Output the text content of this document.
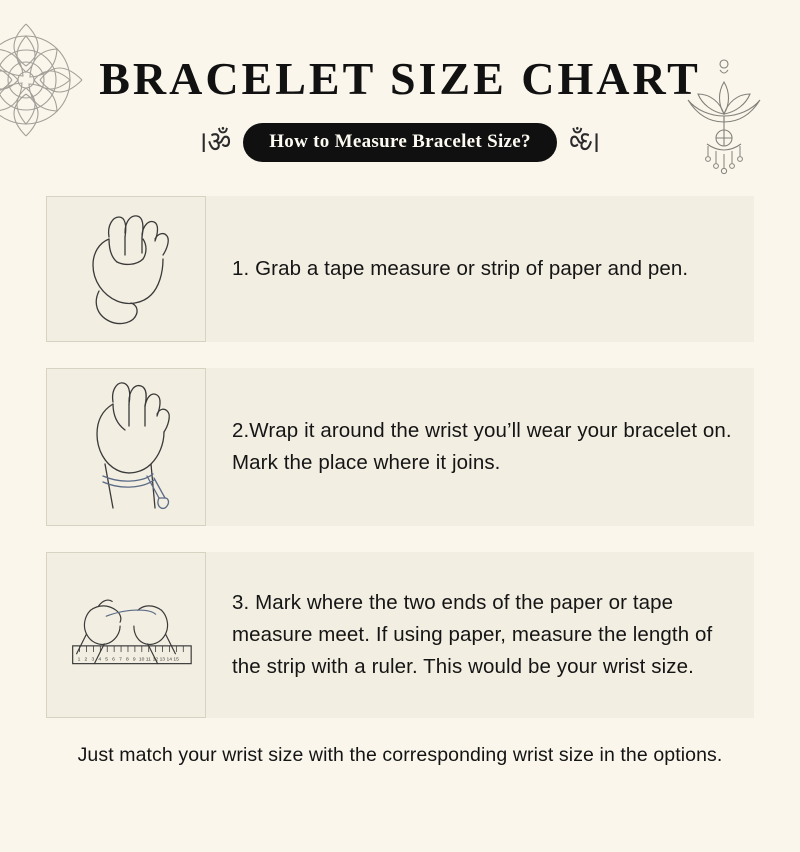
BRACELET SIZE CHART
।ॐ	How to Measure Bracelet Size?	।ॐ
1. Grab a tape measure or strip of paper and pen.
2.Wrap it around the wrist you’ll wear your bracelet on. Mark the place where it joins.
1 2 3 4 5 6 7 8 9 10 11 12 13 14 15
3. Mark where the two ends of the paper or tape measure meet. If using paper, measure the length of the strip with a ruler. This would be your wrist size.
Just match your wrist size with the corresponding wrist size in the options.
